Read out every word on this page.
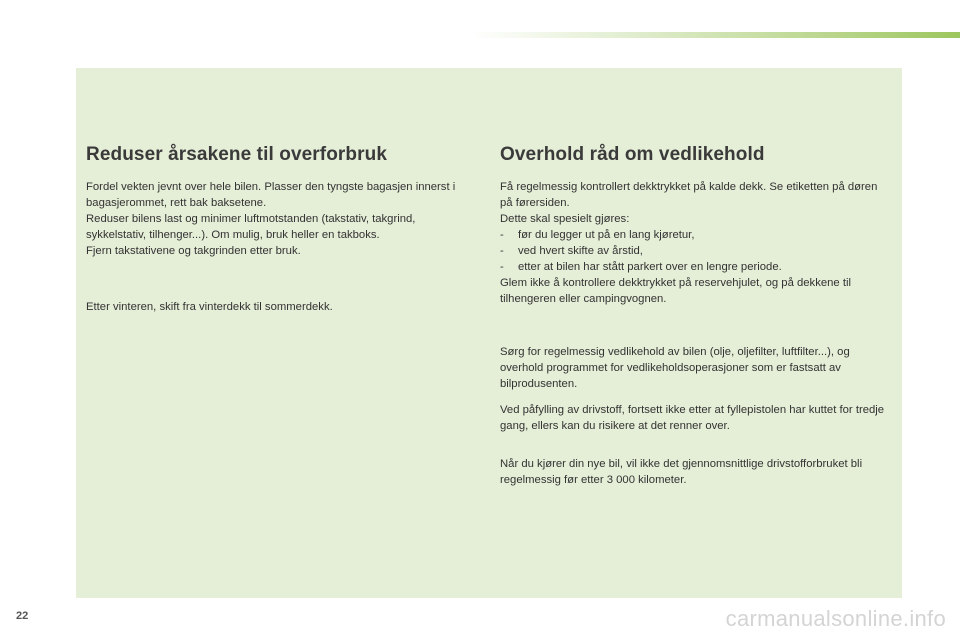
Reduser årsakene til overforbruk

Fordel vekten jevnt over hele bilen. Plasser den tyngste bagasjen innerst i bagasjerommet, rett bak baksetene.

Reduser bilens last og minimer luftmotstanden (takstativ, takgrind, sykkelstativ, tilhenger...). Om mulig, bruk heller en takboks.

Fjern takstativene og takgrinden etter bruk.

Etter vinteren, skift fra vinterdekk til sommerdekk.

Overhold råd om vedlikehold

Få regelmessig kontrollert dekktrykket på kalde dekk. Se etiketten på døren på førersiden.

Dette skal spesielt gjøres:

-	før du legger ut på en lang kjøretur,
-	ved hvert skifte av årstid,
-	etter at bilen har stått parkert over en lengre periode.

Glem ikke å kontrollere dekktrykket på reservehjulet, og på dekkene til tilhengeren eller campingvognen.

Sørg for regelmessig vedlikehold av bilen (olje, oljefilter, luftfilter...), og overhold programmet for vedlikeholdsoperasjoner som er fastsatt av bilprodusenten.

Ved påfylling av drivstoff, fortsett ikke etter at fyllepistolen har kuttet for tredje gang, ellers kan du risikere at det renner over.

Når du kjører din nye bil, vil ikke det gjennomsnittlige drivstofforbruket bli regelmessig før etter 3 000 kilometer.

22	carmanualsonline.info
